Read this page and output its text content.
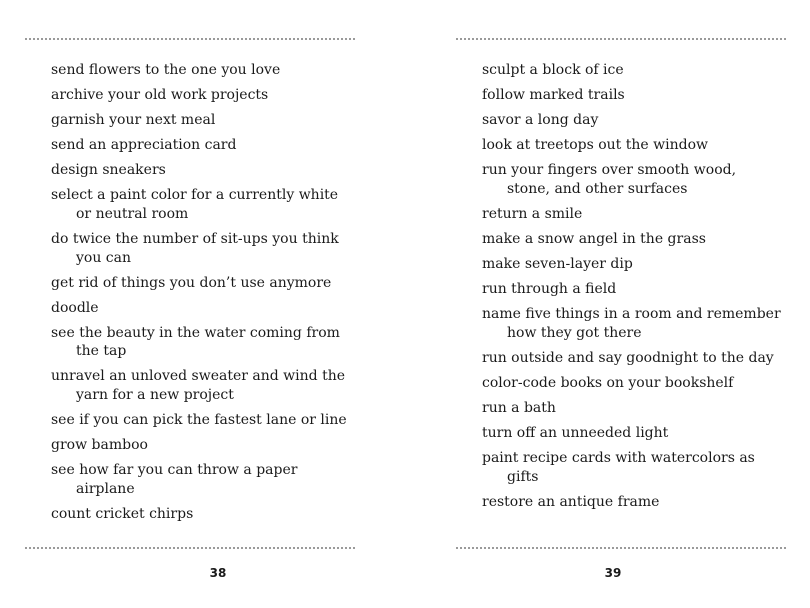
send flowers to the one you love
archive your old work projects
garnish your next meal
send an appreciation card
design sneakers
select a paint color for a currently white or neutral room
do twice the number of sit-ups you think you can
get rid of things you don’t use anymore
doodle
see the beauty in the water coming from the tap
unravel an unloved sweater and wind the yarn for a new project
see if you can pick the fastest lane or line
grow bamboo
see how far you can throw a paper airplane
count cricket chirps
38
sculpt a block of ice
follow marked trails
savor a long day
look at treetops out the window
run your fingers over smooth wood, stone, and other surfaces
return a smile
make a snow angel in the grass
make seven-layer dip
run through a field
name five things in a room and remember how they got there
run outside and say goodnight to the day
color-code books on your bookshelf
run a bath
turn off an unneeded light
paint recipe cards with watercolors as gifts
restore an antique frame
39
